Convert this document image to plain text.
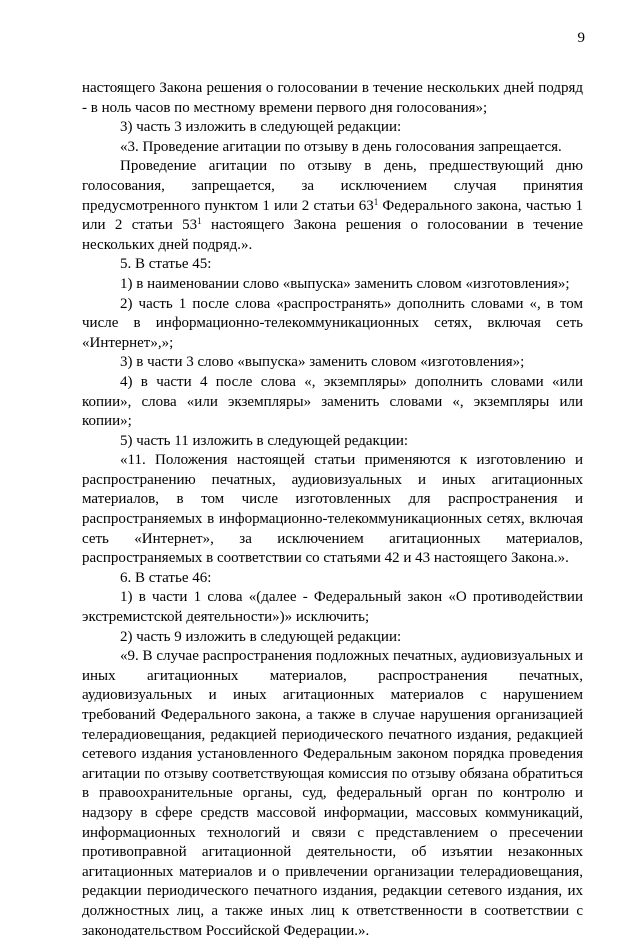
9

настоящего Закона решения о голосовании в течение нескольких дней подряд - в ноль часов по местному времени первого дня голосования»;

3) часть 3 изложить в следующей редакции:

«3. Проведение агитации по отзыву в день голосования запрещается.

Проведение агитации по отзыву в день, предшествующий дню голосования, запрещается, за исключением случая принятия предусмотренного пунктом 1 или 2 статьи $63^1$ Федерального закона, частью 1 или 2 статьи $53^1$ настоящего Закона решения о голосовании в течение нескольких дней подряд.».

5. В статье 45:

1) в наименовании слово «выпуска» заменить словом «изготовления»;

2) часть 1 после слова «распространять» дополнить словами «, в том числе в информационно-телекоммуникационных сетях, включая сеть «Интернет»,»;

3) в части 3 слово «выпуска» заменить словом «изготовления»;

4) в части 4 после слова «, экземпляры» дополнить словами «или копии», слова «или экземпляры» заменить словами «, экземпляры или копии»;

5) часть 11 изложить в следующей редакции:

«11. Положения настоящей статьи применяются к изготовлению и распространению печатных, аудиовизуальных и иных агитационных материалов, в том числе изготовленных для распространения и распространяемых в информационно-телекоммуникационных сетях, включая сеть «Интернет», за исключением агитационных материалов, распространяемых в соответствии со статьями 42 и 43 настоящего Закона.».

6. В статье 46:

1) в части 1 слова «(далее - Федеральный закон «О противодействии экстремистской деятельности»)» исключить;

2) часть 9 изложить в следующей редакции:

«9. В случае распространения подложных печатных, аудиовизуальных и иных агитационных материалов, распространения печатных, аудиовизуальных и иных агитационных материалов с нарушением требований Федерального закона, а также в случае нарушения организацией телерадиовещания, редакцией периодического печатного издания, редакцией сетевого издания установленного Федеральным законом порядка проведения агитации по отзыву соответствующая комиссия по отзыву обязана обратиться в правоохранительные органы, суд, федеральный орган по контролю и надзору в сфере средств массовой информации, массовых коммуникаций, информационных технологий и связи с представлением о пресечении противоправной агитационной деятельности, об изъятии незаконных агитационных материалов и о привлечении организации телерадиовещания, редакции периодического печатного издания, редакции сетевого издания, их должностных лиц, а также иных лиц к ответственности в соответствии с законодательством Российской Федерации.».
